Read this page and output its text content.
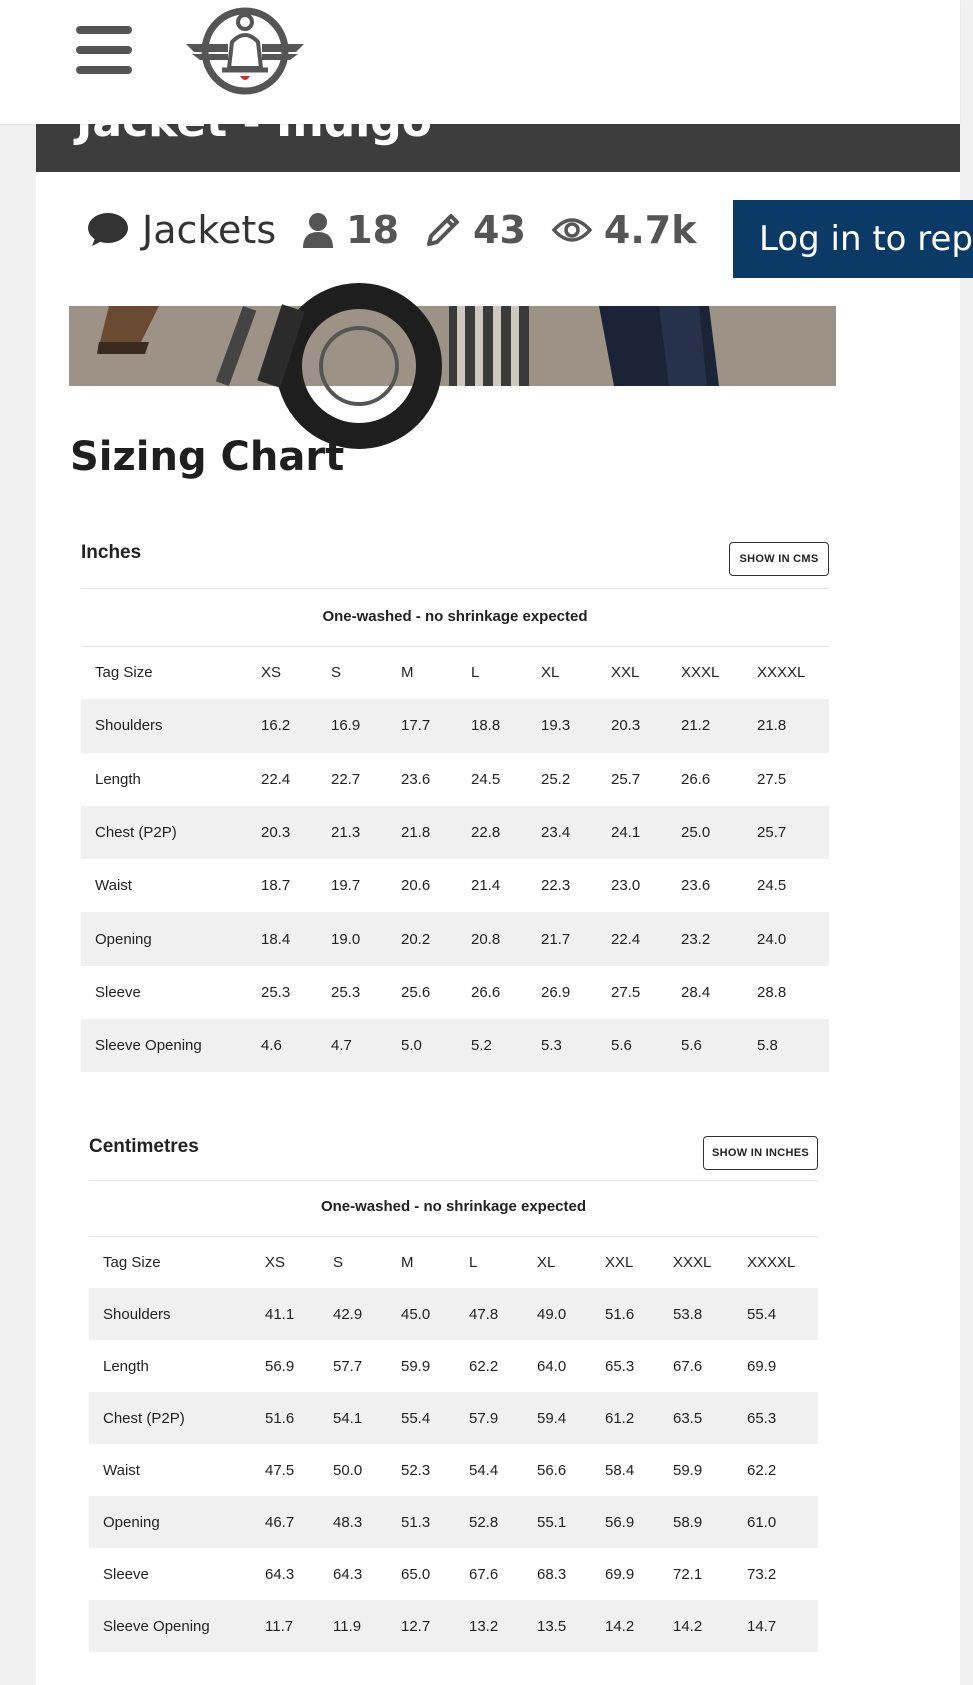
Jackets 18 43 4.7k	Log in to rep
Sizing Chart
Inches	SHOW IN CMS
One-washed - no shrinkage expected
Tag Size	XS	S	M	L	XL	XXL	XXXL	XXXXL
Shoulders	16.2	16.9	17.7	18.8	19.3	20.3	21.2	21.8
Length	22.4	22.7	23.6	24.5	25.2	25.7	26.6	27.5
Chest (P2P)	20.3	21.3	21.8	22.8	23.4	24.1	25.0	25.7
Waist	18.7	19.7	20.6	21.4	22.3	23.0	23.6	24.5
Opening	18.4	19.0	20.2	20.8	21.7	22.4	23.2	24.0
Sleeve	25.3	25.3	25.6	26.6	26.9	27.5	28.4	28.8
Sleeve Opening	4.6	4.7	5.0	5.2	5.3	5.6	5.6	5.8
Centimetres	SHOW IN INCHES
One-washed - no shrinkage expected
Tag Size	XS	S	M	L	XL	XXL	XXXL	XXXXL
Shoulders	41.1	42.9	45.0	47.8	49.0	51.6	53.8	55.4
Length	56.9	57.7	59.9	62.2	64.0	65.3	67.6	69.9
Chest (P2P)	51.6	54.1	55.4	57.9	59.4	61.2	63.5	65.3
Waist	47.5	50.0	52.3	54.4	56.6	58.4	59.9	62.2
Opening	46.7	48.3	51.3	52.8	55.1	56.9	58.9	61.0
Sleeve	64.3	64.3	65.0	67.6	68.3	69.9	72.1	73.2
Sleeve Opening	11.7	11.9	12.7	13.2	13.5	14.2	14.2	14.7
